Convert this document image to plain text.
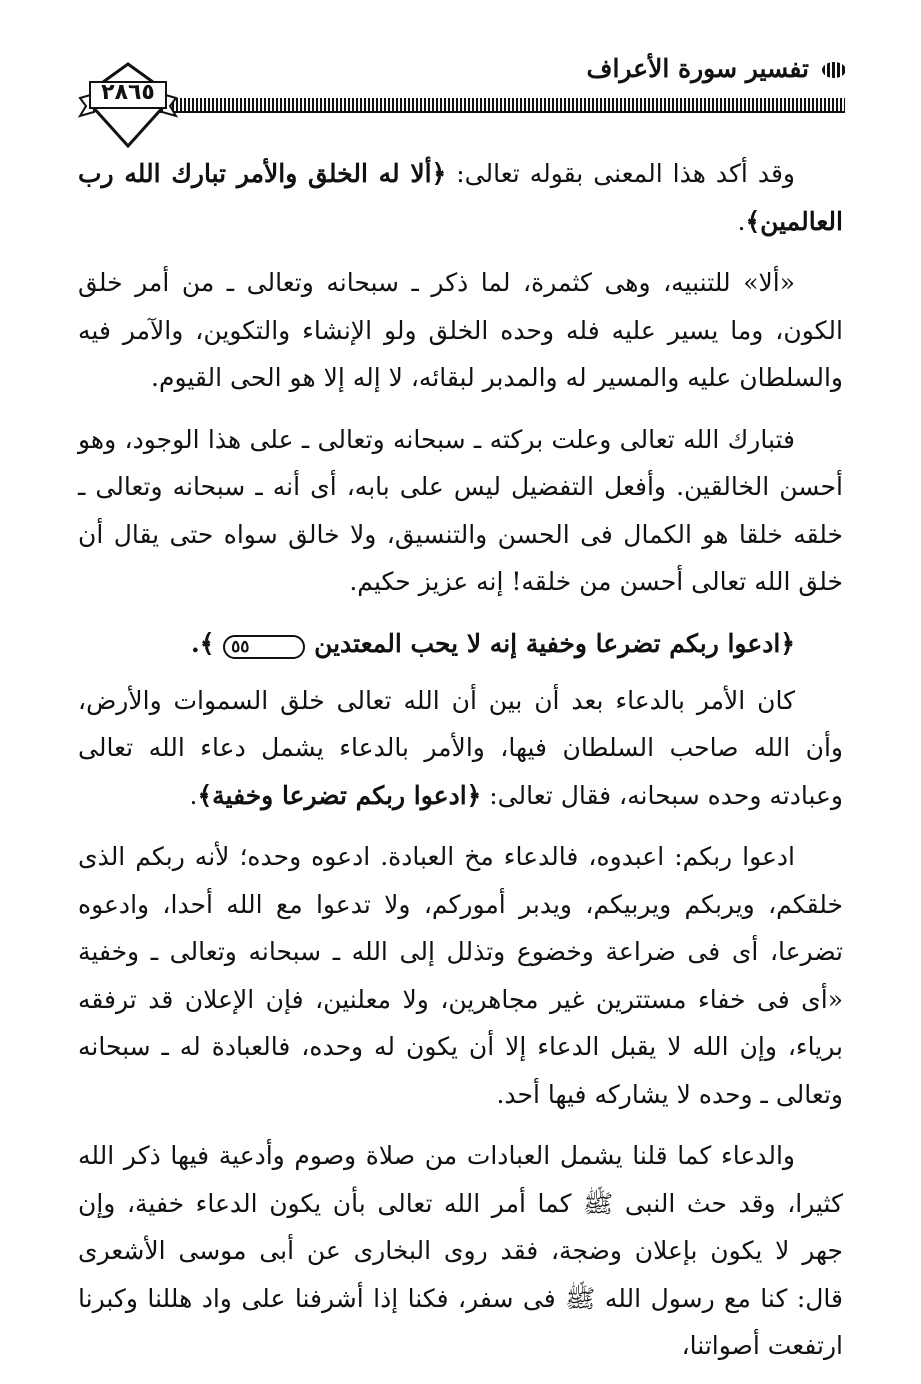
تفسير سورة الأعراف
٢٨٦٥

وقد أكد هذا المعنى بقوله تعالى: ﴿ألا له الخلق والأمر تبارك الله رب العالمين﴾.

«ألا» للتنبيه، وهى كثمرة، لما ذكر ـ سبحانه وتعالى ـ من أمر خلق الكون، وما يسير عليه فله وحده الخلق ولو الإنشاء والتكوين، والآمر فيه والسلطان عليه والمسير له والمدبر لبقائه، لا إله إلا هو الحى القيوم.

فتبارك الله تعالى وعلت بركته ـ سبحانه وتعالى ـ على هذا الوجود، وهو أحسن الخالقين. وأفعل التفضيل ليس على بابه، أى أنه ـ سبحانه وتعالى ـ خلقه خلقا هو الكمال فى الحسن والتنسيق، ولا خالق سواه حتى يقال أن خلق الله تعالى أحسن من خلقه! إنه عزيز حكيم.

﴿ادعوا ربكم تضرعا وخفية إنه لا يحب المعتدين ٥٥ ﴾.

كان الأمر بالدعاء بعد أن بين أن الله تعالى خلق السموات والأرض، وأن الله صاحب السلطان فيها، والأمر بالدعاء يشمل دعاء الله تعالى وعبادته وحده سبحانه، فقال تعالى: ﴿ادعوا ربكم تضرعا وخفية﴾.

ادعوا ربكم: اعبدوه، فالدعاء مخ العبادة. ادعوه وحده؛ لأنه ربكم الذى خلقكم، ويربكم ويربيكم، ويدبر أموركم، ولا تدعوا مع الله أحدا، وادعوه تضرعا، أى فى ضراعة وخضوع وتذلل إلى الله ـ سبحانه وتعالى ـ وخفية «أى فى خفاء مستترين غير مجاهرين، ولا معلنين، فإن الإعلان قد ترفقه برياء، وإن الله لا يقبل الدعاء إلا أن يكون له وحده، فالعبادة له ـ سبحانه وتعالى ـ وحده لا يشاركه فيها أحد.

والدعاء كما قلنا يشمل العبادات من صلاة وصوم وأدعية فيها ذكر الله كثيرا، وقد حث النبى ﷺ كما أمر الله تعالى بأن يكون الدعاء خفية، وإن جهر لا يكون بإعلان وضجة، فقد روى البخارى عن أبى موسى الأشعرى قال: كنا مع رسول الله ﷺ فى سفر، فكنا إذا أشرفنا على واد هللنا وكبرنا ارتفعت أصواتنا،
